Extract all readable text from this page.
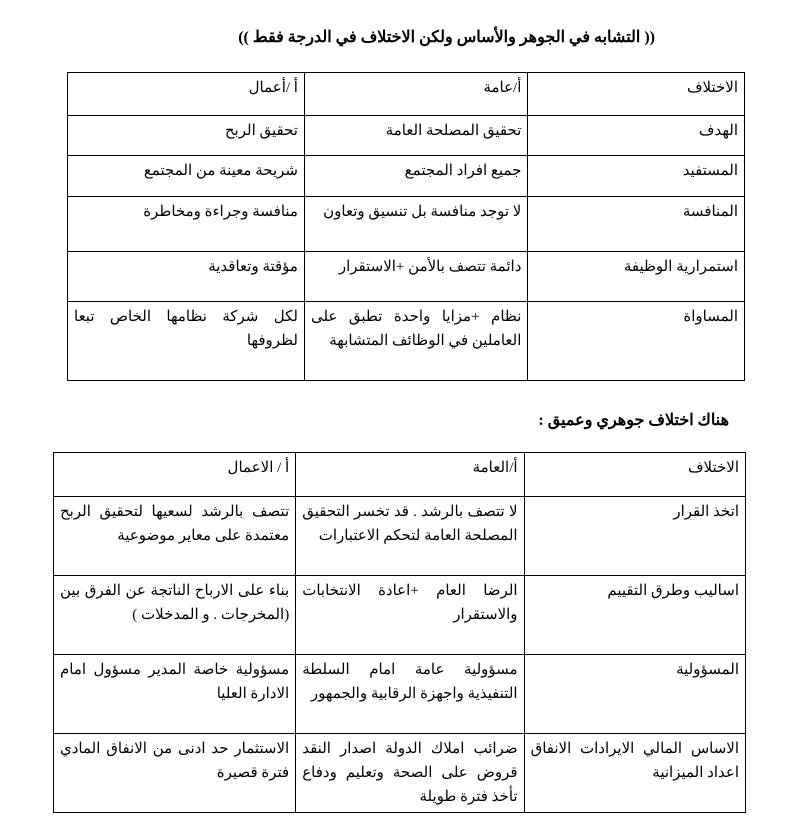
(( التشابه في الجوهر والأساس ولكن الاختلاف في الدرجة فقط ))
الاختلاف	أ/عامة	أ /أعمال
الهدف	تحقيق المصلحة العامة	تحقيق الربح
المستفيد	جميع افراد المجتمع	شريحة معينة من المجتمع
المنافسة	لا توجد منافسة بل تنسيق وتعاون	منافسة وجراءة ومخاطرة
استمرارية الوظيفة	دائمة تتصف بالأمن +الاستقرار	مؤقتة وتعاقدية
المساواة	نظام +مزايا واحدة تطبق على العاملين في الوظائف المتشابهة	لكل شركة نظامها الخاص تبعا لظروفها
هناك اختلاف جوهري وعميق :
الاختلاف	أ/العامة	أ / الاعمال
اتخذ القرار	لا تتصف بالرشد . قد تخسر التحقيق المصلحة العامة لتحكم الاعتبارات	تتصف بالرشد لسعيها لتحقيق الربح معتمدة على معاير موضوعية
اساليب وطرق التقييم	الرضا العام +اعادة الانتخابات والاستقرار	بناء على الارباح الناتجة عن الفرق بين (المخرجات . و المدخلات )
المسؤولية	مسؤولية عامة امام السلطة التنفيذية واجهزة الرقابية والجمهور	مسؤولية خاصة المدير مسؤول امام الادارة العليا
الاساس المالي الايرادات الانفاق اعداد الميزانية	ضرائب املاك الدولة اصدار النقد قروض على الصحة وتعليم ودفاع تأخذ فترة طويلة	الاستثمار حد ادنى من الانفاق المادي فترة قصيرة
